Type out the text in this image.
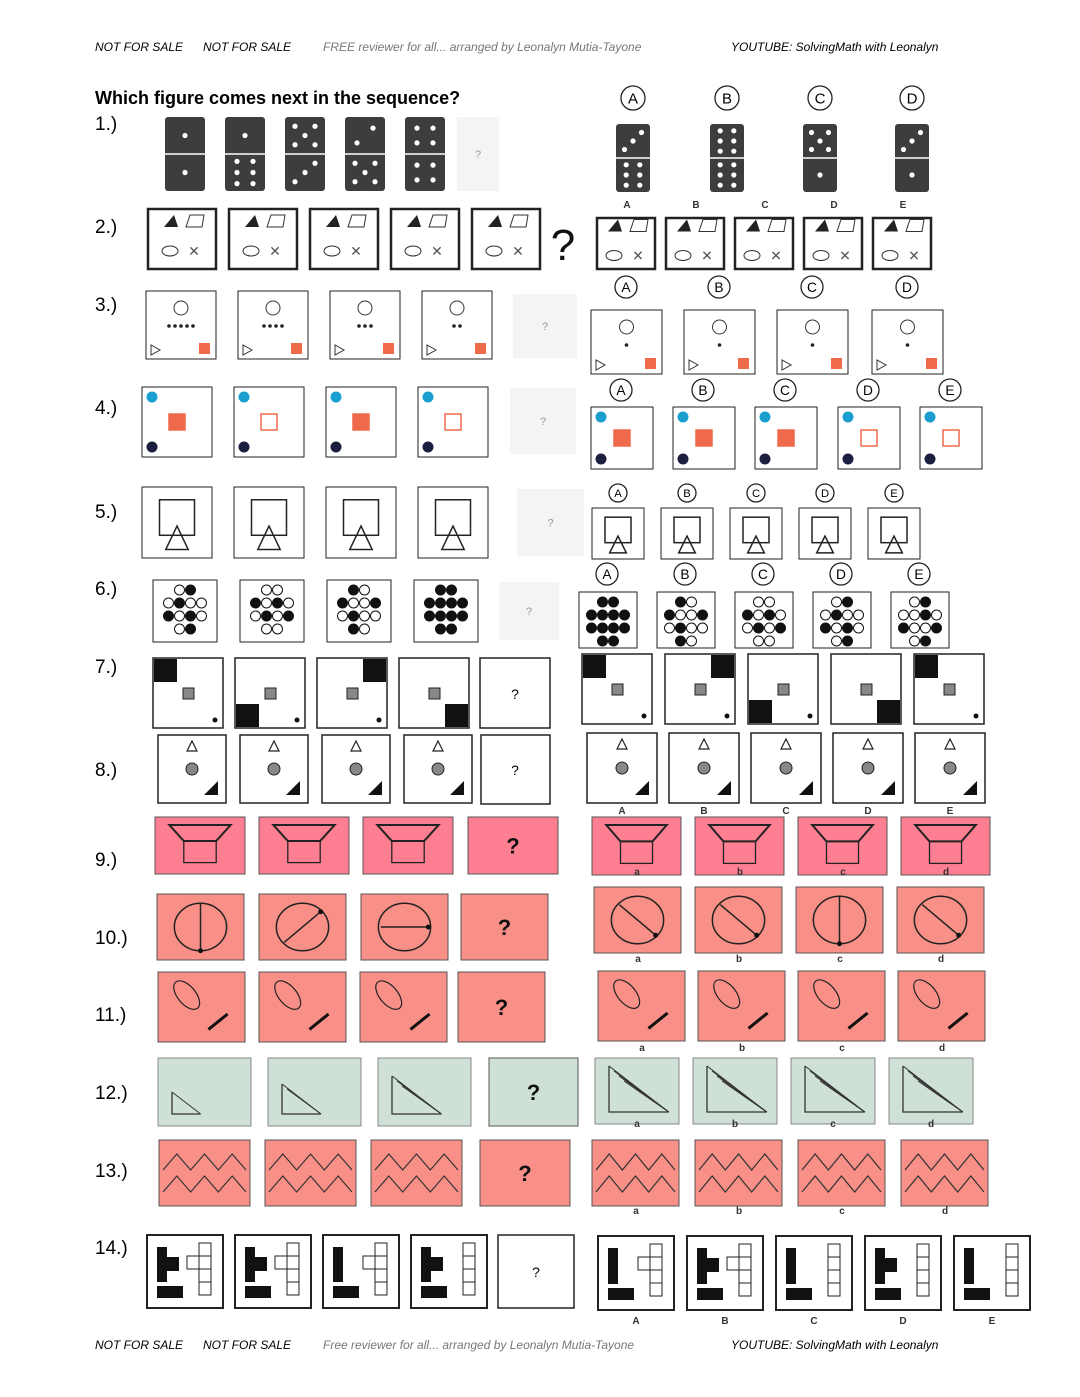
NOT FOR SALE NOT FOR SALE	FREE reviewer for all... arranged by Leonalyn Mutia-Tayone	YOUTUBE: SolvingMath with Leonalyn
Which figure comes next in the sequence?
1.)
2.)
3.)
4.)
5.)
6.)
7.)
8.)
9.)
10.)
11.)
12.)
13.)
14.)
?
A	B	C	D
✕	✕	✕	✕	✕ ?
A
✕
B
✕
C
✕
D
✕
E
✕
?
A	B	C	D
?
A	B	C	D	E
?
A	B	C	D	E
?
A	B	C	D	E
?
?
A	B	C	D	E
?
a	b	c	d
?
a	b	c	d
?
a	b	c	d
?
a	b	c	d
?
a	b	c	d
?
A	B	C	D	E
NOT FOR SALE NOT FOR SALE	Free reviewer for all... arranged by Leonalyn Mutia-Tayone	YOUTUBE: SolvingMath with Leonalyn
